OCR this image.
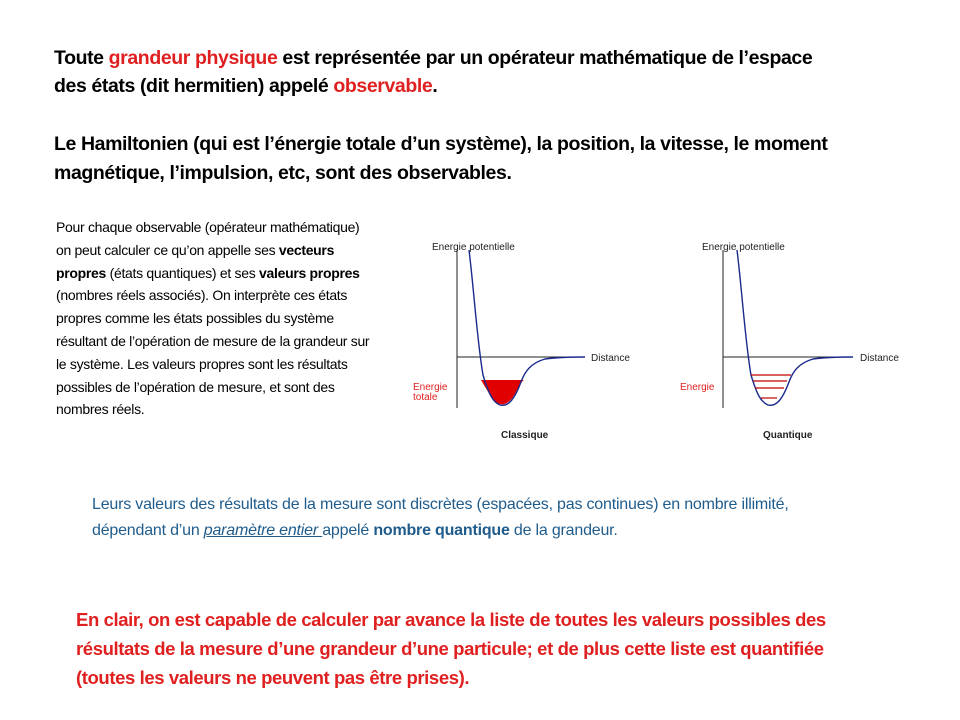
Toute grandeur physique est représentée par un opérateur mathématique de l’espace des états (dit hermitien) appelé observable.
Le Hamiltonien (qui est l’énergie totale d’un système), la position, la vitesse, le moment magnétique, l’impulsion, etc, sont des observables.
Pour chaque observable (opérateur mathématique) on peut calculer ce qu’on appelle ses vecteurs propres (états quantiques) et ses valeurs propres (nombres réels associés). On interprète ces états propres comme les états possibles du système résultant de l’opération de mesure de la grandeur sur le système. Les valeurs propres sont les résultats possibles de l’opération de mesure, et sont des nombres réels.
Energie potentielle
Distance
Energie
totale
Classique
Energie potentielle
Distance
Energie
Quantique
Leurs valeurs des résultats de la mesure sont discrètes (espacées, pas continues) en nombre illimité, dépendant d’un paramètre entier appelé nombre quantique de la grandeur.
En clair, on est capable de calculer par avance la liste de toutes les valeurs possibles des résultats de la mesure d’une grandeur d’une particule; et de plus cette liste est quantifiée (toutes les valeurs ne peuvent pas être prises).
